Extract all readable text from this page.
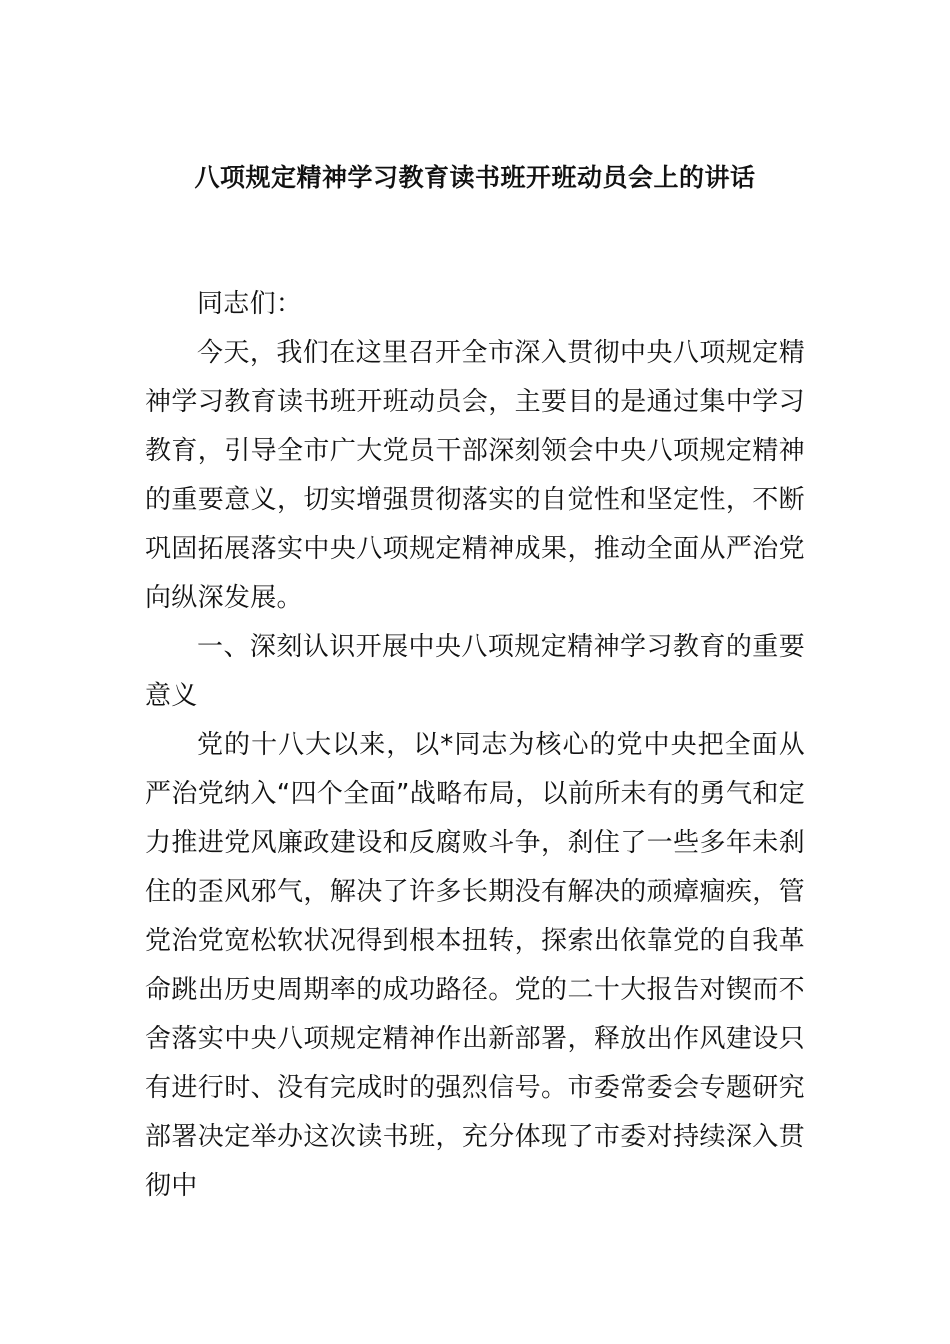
八项规定精神学习教育读书班开班动员会上的讲话

同志们：

今天，我们在这里召开全市深入贯彻中央八项规定精神学习教育读书班开班动员会，主要目的是通过集中学习教育，引导全市广大党员干部深刻领会中央八项规定精神的重要意义，切实增强贯彻落实的自觉性和坚定性，不断巩固拓展落实中央八项规定精神成果，推动全面从严治党向纵深发展。

一、深刻认识开展中央八项规定精神学习教育的重要意义

党的十八大以来，以*同志为核心的党中央把全面从严治党纳入“四个全面”战略布局，以前所未有的勇气和定力推进党风廉政建设和反腐败斗争，刹住了一些多年未刹住的歪风邪气，解决了许多长期没有解决的顽瘴痼疾，管党治党宽松软状况得到根本扭转，探索出依靠党的自我革命跳出历史周期率的成功路径。党的二十大报告对锲而不舍落实中央八项规定精神作出新部署，释放出作风建设只有进行时、没有完成时的强烈信号。市委常委会专题研究部署决定举办这次读书班，充分体现了市委对持续深入贯彻中
